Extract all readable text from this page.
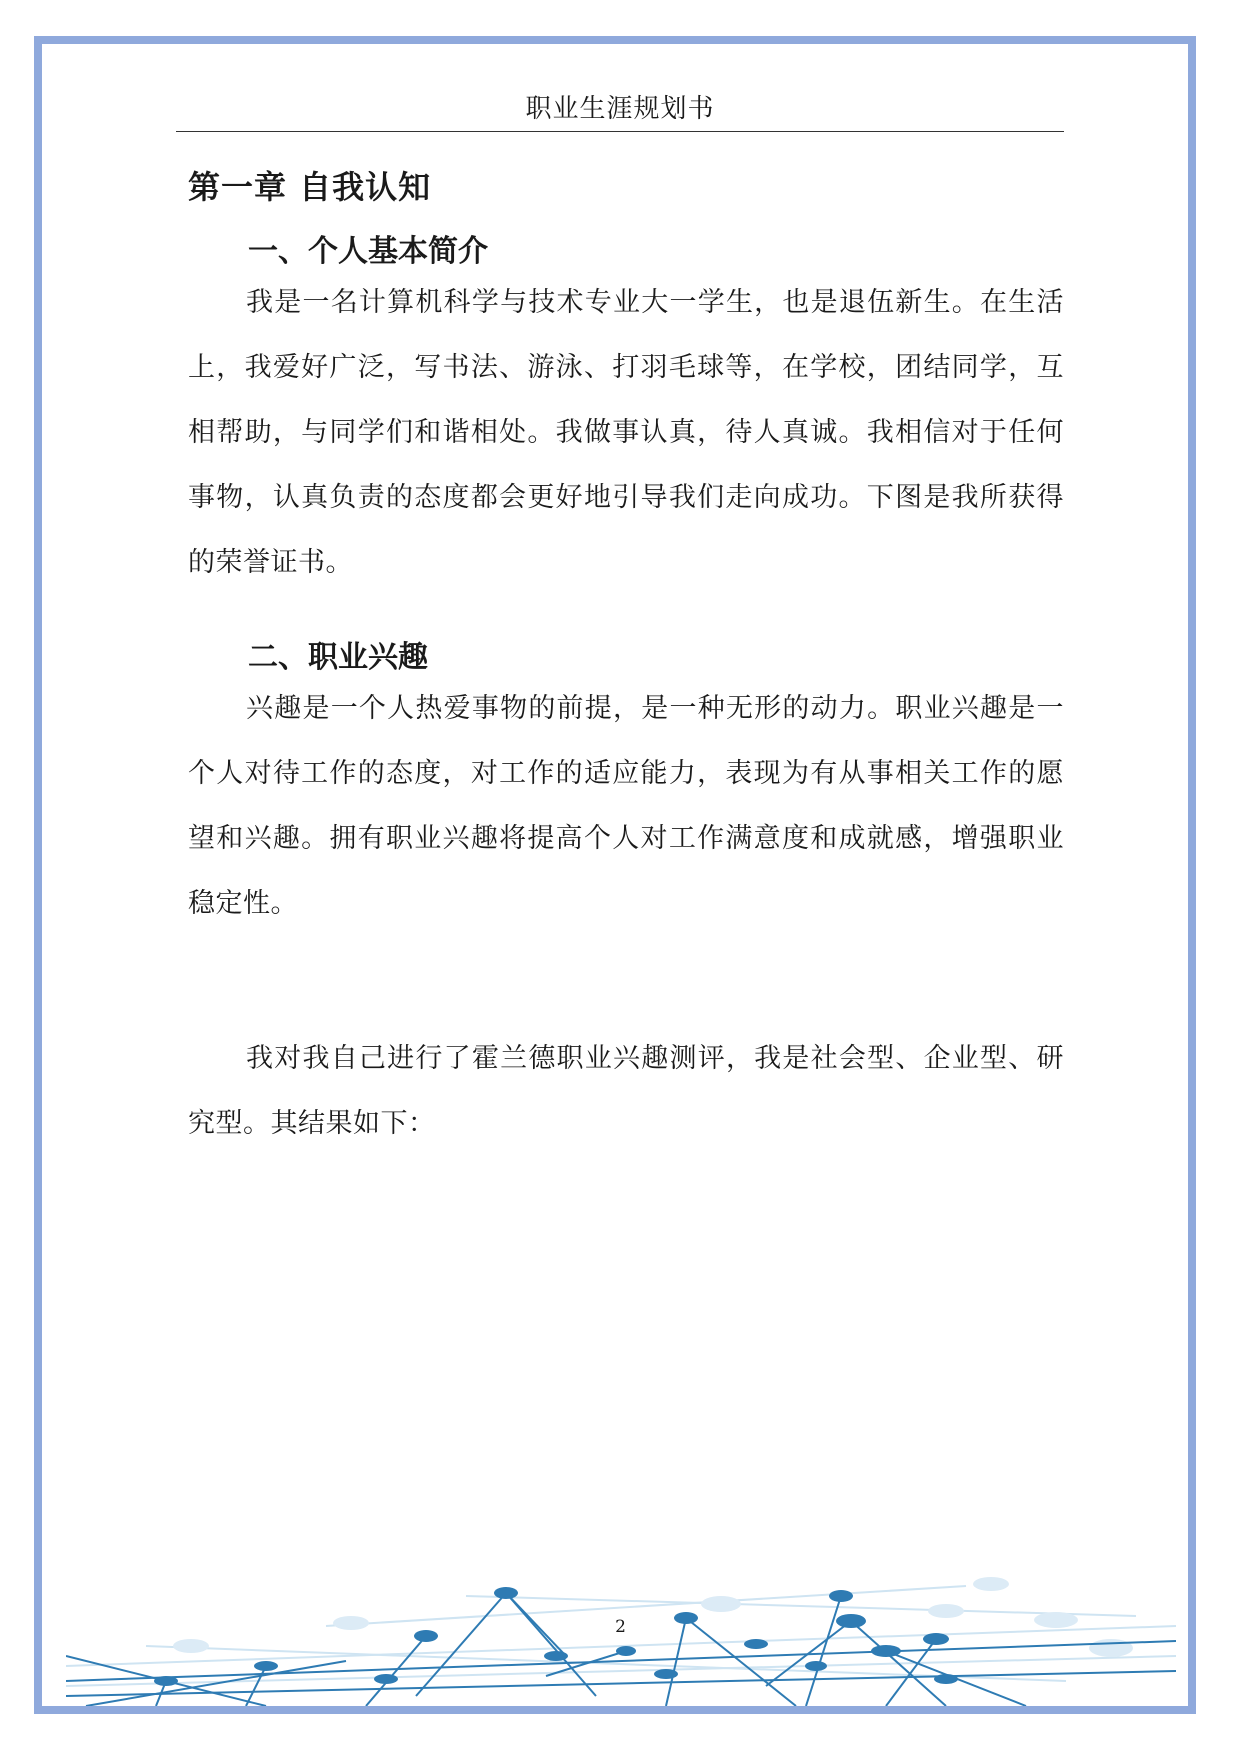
职业生涯规划书
第一章 自我认知
一、个人基本简介
我是一名计算机科学与技术专业大一学生，也是退伍新生。在生活上，我爱好广泛，写书法、游泳、打羽毛球等，在学校，团结同学，互相帮助，与同学们和谐相处。我做事认真，待人真诚。我相信对于任何事物，认真负责的态度都会更好地引导我们走向成功。下图是我所获得的荣誉证书。
二、职业兴趣
兴趣是一个人热爱事物的前提，是一种无形的动力。职业兴趣是一个人对待工作的态度，对工作的适应能力，表现为有从事相关工作的愿望和兴趣。拥有职业兴趣将提高个人对工作满意度和成就感，增强职业稳定性。
我对我自己进行了霍兰德职业兴趣测评，我是社会型、企业型、研究型。其结果如下：
2
